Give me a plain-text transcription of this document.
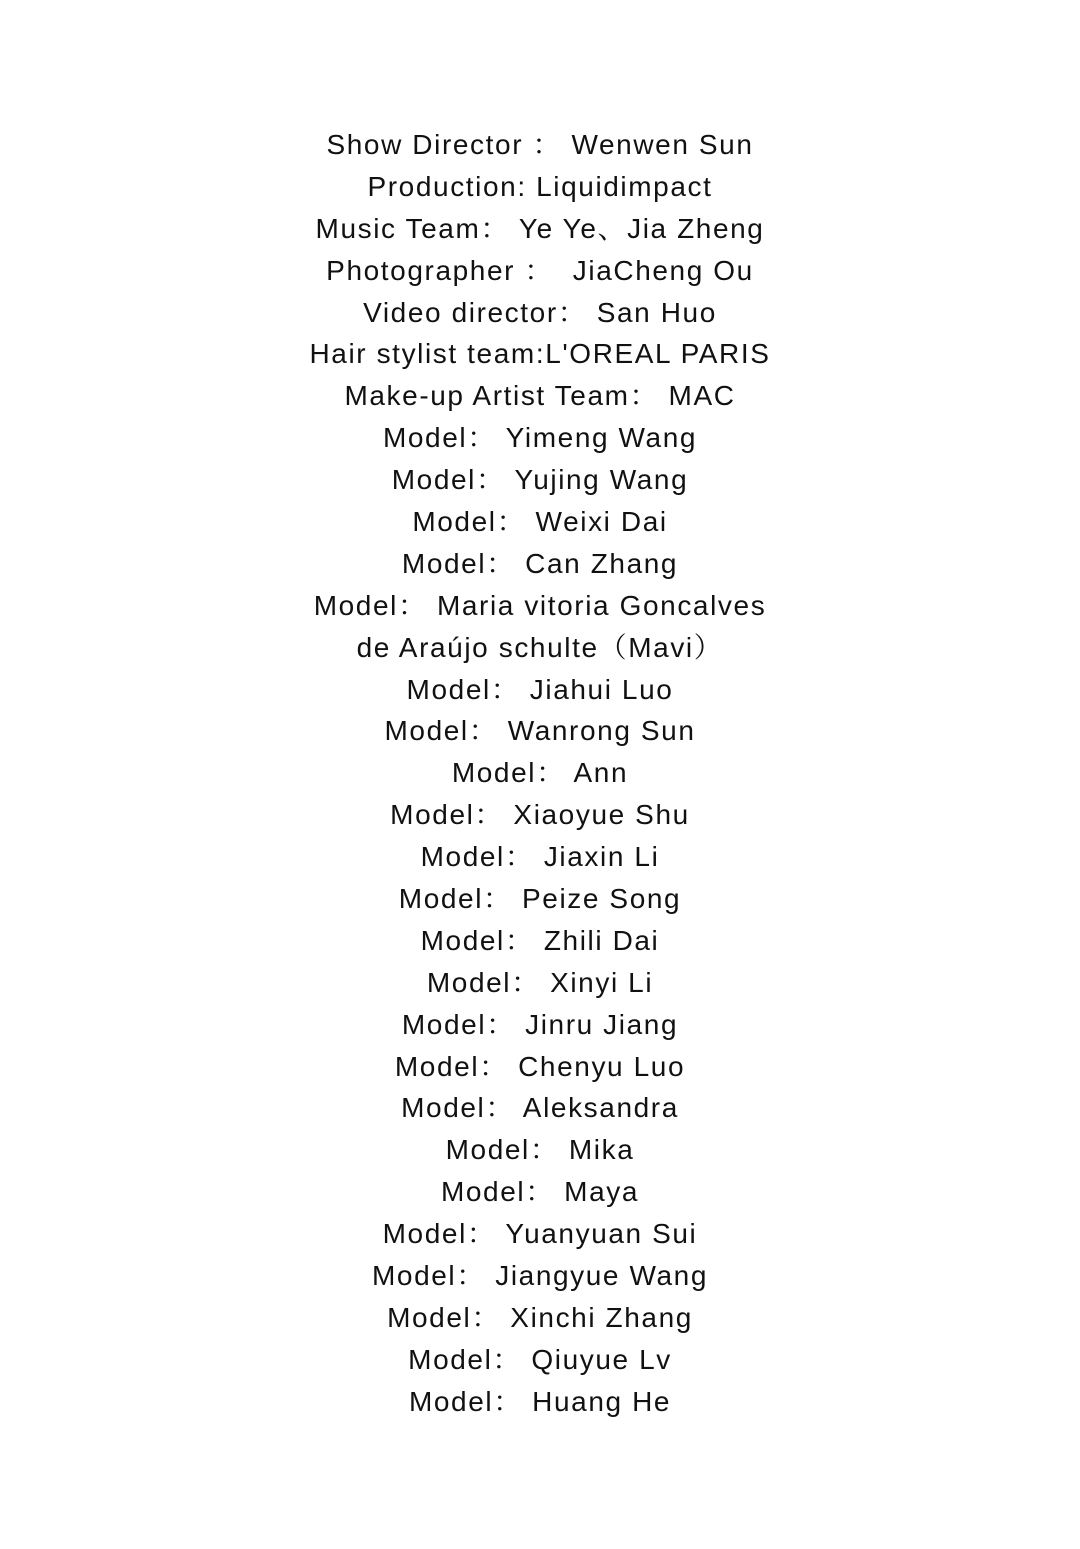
Show Director ： Wenwen Sun
Production: Liquidimpact
Music Team： Ye Ye、Jia Zheng
Photographer ：  JiaCheng Ou
Video director： San Huo
Hair stylist team:L'OREAL PARIS
Make-up Artist Team： MAC
Model： Yimeng Wang
Model： Yujing Wang
Model： Weixi Dai
Model： Can Zhang
Model： Maria vitoria Goncalves
de Araújo schulte（Mavi）
Model： Jiahui Luo
Model： Wanrong Sun
Model： Ann
Model： Xiaoyue Shu
Model： Jiaxin Li
Model： Peize Song
Model： Zhili Dai
Model： Xinyi Li
Model： Jinru Jiang
Model： Chenyu Luo
Model： Aleksandra
Model： Mika
Model： Maya
Model： Yuanyuan Sui
Model： Jiangyue Wang
Model： Xinchi Zhang
Model： Qiuyue Lv
Model： Huang He
